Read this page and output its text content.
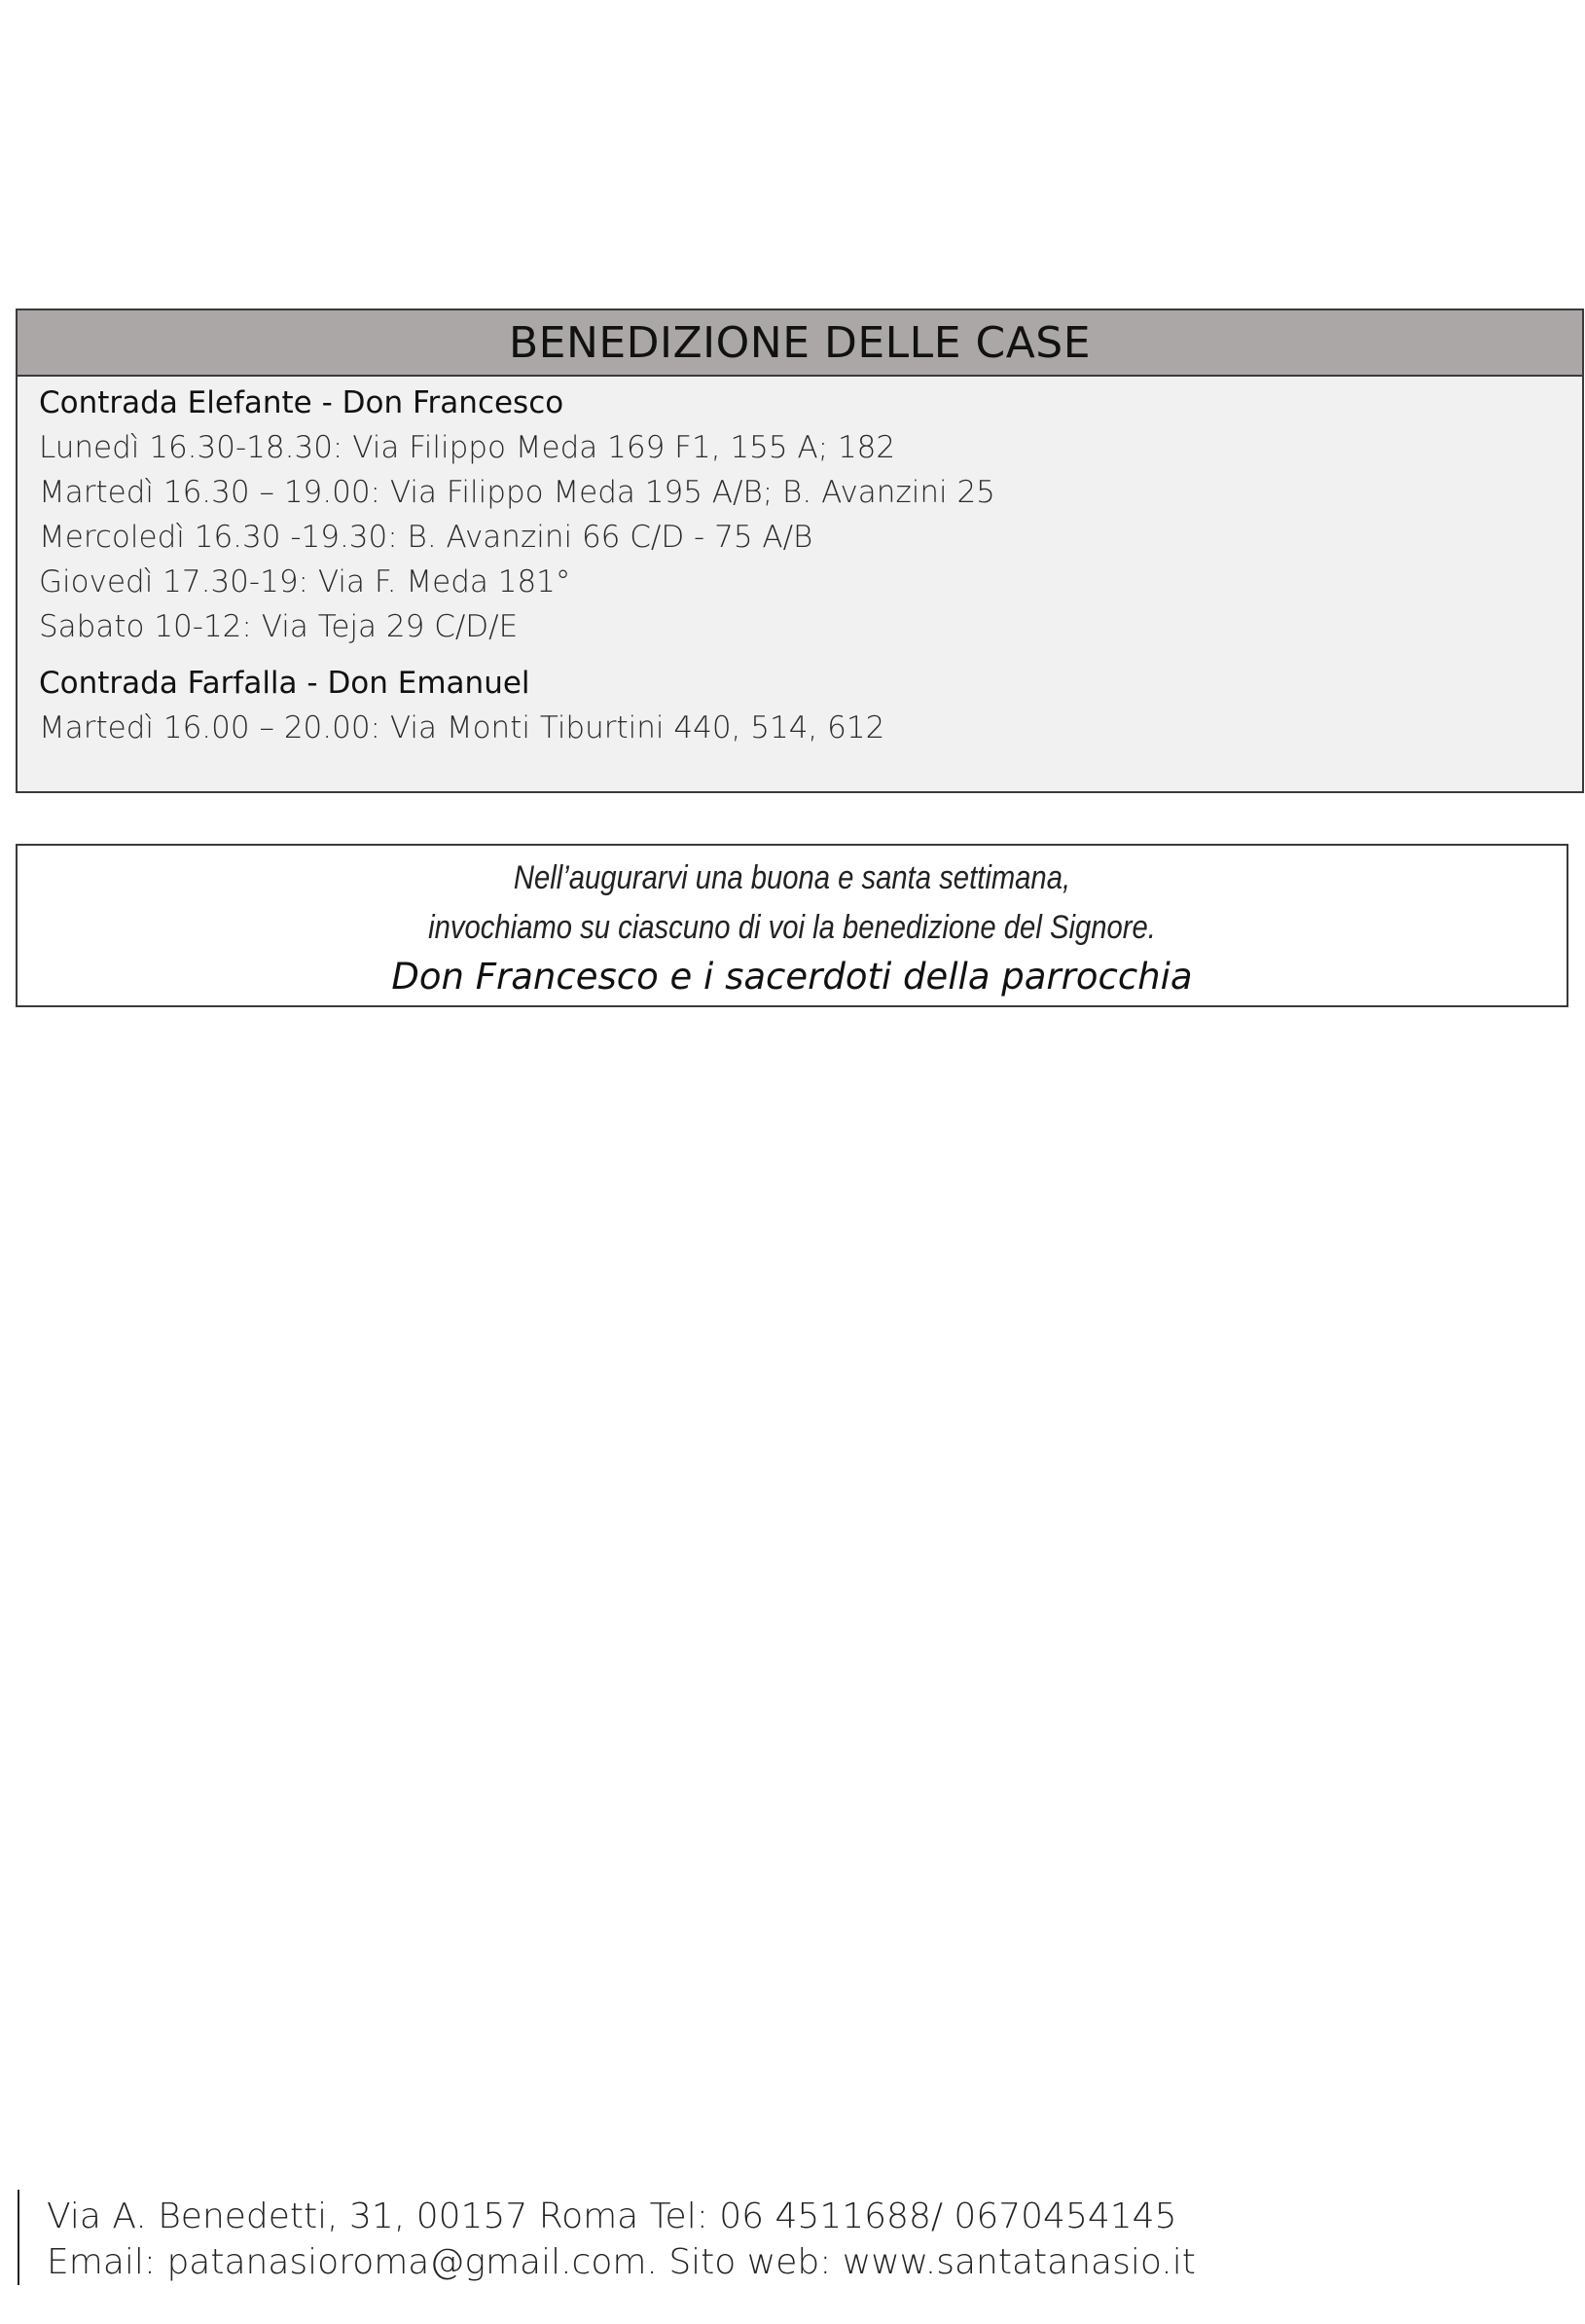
BENEDIZIONE DELLE CASE
Contrada Elefante - Don Francesco
Lunedì 16.30-18.30: Via Filippo Meda 169 F1, 155 A; 182
Martedì 16.30 – 19.00: Via Filippo Meda 195 A/B; B. Avanzini 25
Mercoledì 16.30 -19.30: B. Avanzini 66 C/D - 75 A/B
Giovedì 17.30-19: Via F. Meda 181°
Sabato 10-12: Via Teja 29 C/D/E
Contrada Farfalla - Don Emanuel
Martedì 16.00 – 20.00: Via Monti Tiburtini 440, 514, 612
Nell’augurarvi una buona e santa settimana,
invochiamo su ciascuno di voi la benedizione del Signore.
Don Francesco e i sacerdoti della parrocchia
Via A. Benedetti, 31, 00157 Roma Tel: 06 4511688/ 0670454145
Email: patanasioroma@gmail.com. Sito web: www.santatanasio.it
